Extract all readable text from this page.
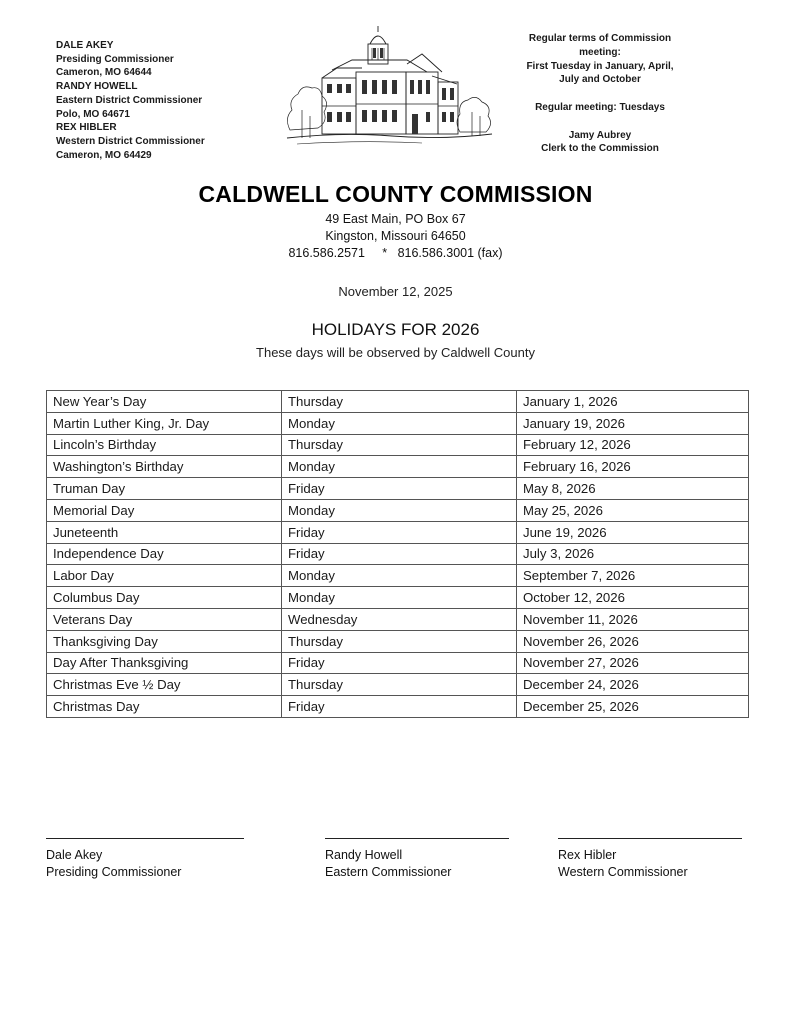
DALE AKEY
Presiding Commissioner
Cameron, MO 64644
RANDY HOWELL
Eastern District Commissioner
Polo, MO 64671
REX HIBLER
Western District Commissioner
Cameron, MO 64429
Regular terms of Commission
meeting:
First Tuesday in January, April,
July and October
Regular meeting: Tuesdays
Jamy Aubrey
Clerk to the Commission
CALDWELL COUNTY COMMISSION
49 East Main, PO Box 67
Kingston, Missouri 64650
816.586.2571     *   816.586.3001 (fax)
November 12, 2025
HOLIDAYS FOR 2026
These days will be observed by Caldwell County
New Year’s Day	Thursday	January 1, 2026
Martin Luther King, Jr. Day	Monday	January 19, 2026
Lincoln’s Birthday	Thursday	February 12, 2026
Washington’s Birthday	Monday	February 16, 2026
Truman Day	Friday	May 8, 2026
Memorial Day	Monday	May 25, 2026
Juneteenth	Friday	June 19, 2026
Independence Day	Friday	July 3, 2026
Labor Day	Monday	September 7, 2026
Columbus Day	Monday	October 12, 2026
Veterans Day	Wednesday	November 11, 2026
Thanksgiving Day	Thursday	November 26, 2026
Day After Thanksgiving	Friday	November 27, 2026
Christmas Eve ½ Day	Thursday	December 24, 2026
Christmas Day	Friday	December 25, 2026
Dale Akey
Presiding Commissioner
Randy Howell
Eastern Commissioner
Rex Hibler
Western Commissioner
